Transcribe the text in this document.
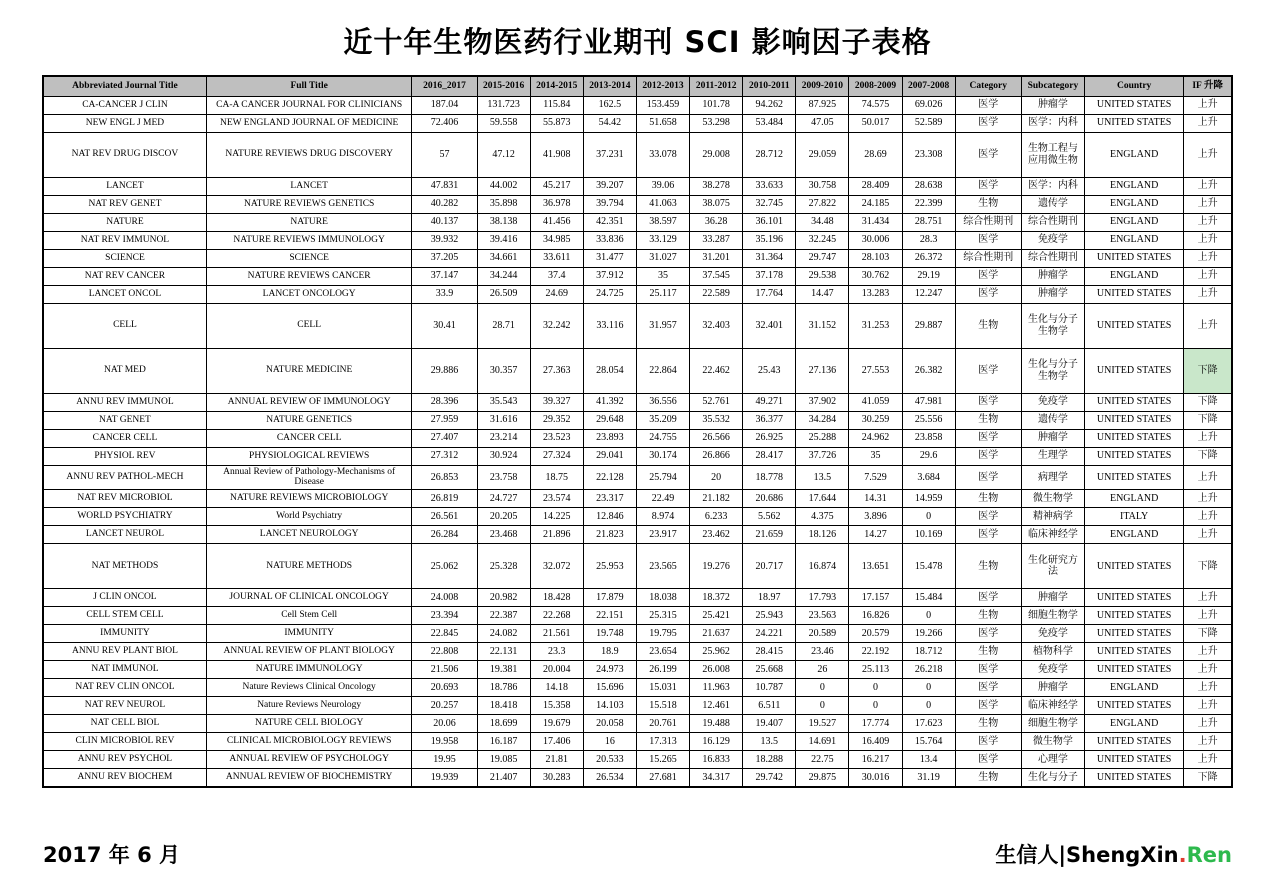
近十年生物医药行业期刊 SCI 影响因子表格
Abbreviated Journal Title	Full Title	2016_2017	2015-2016	2014-2015	2013-2014	2012-2013	2011-2012	2010-2011	2009-2010	2008-2009	2007-2008	Category	Subcategory	Country	IF 升降
CA-CANCER J CLIN	CA-A CANCER JOURNAL FOR CLINICIANS	187.04	131.723	115.84	162.5	153.459	101.78	94.262	87.925	74.575	69.026	医学	肿瘤学	UNITED STATES	上升
NEW ENGL J MED	NEW ENGLAND JOURNAL OF MEDICINE	72.406	59.558	55.873	54.42	51.658	53.298	53.484	47.05	50.017	52.589	医学	医学：内科	UNITED STATES	上升
NAT REV DRUG DISCOV	NATURE REVIEWS DRUG DISCOVERY	57	47.12	41.908	37.231	33.078	29.008	28.712	29.059	28.69	23.308	医学	生物工程与应用微生物	ENGLAND	上升
LANCET	LANCET	47.831	44.002	45.217	39.207	39.06	38.278	33.633	30.758	28.409	28.638	医学	医学：内科	ENGLAND	上升
NAT REV GENET	NATURE REVIEWS GENETICS	40.282	35.898	36.978	39.794	41.063	38.075	32.745	27.822	24.185	22.399	生物	遗传学	ENGLAND	上升
NATURE	NATURE	40.137	38.138	41.456	42.351	38.597	36.28	36.101	34.48	31.434	28.751	综合性期刊	综合性期刊	ENGLAND	上升
NAT REV IMMUNOL	NATURE REVIEWS IMMUNOLOGY	39.932	39.416	34.985	33.836	33.129	33.287	35.196	32.245	30.006	28.3	医学	免疫学	ENGLAND	上升
SCIENCE	SCIENCE	37.205	34.661	33.611	31.477	31.027	31.201	31.364	29.747	28.103	26.372	综合性期刊	综合性期刊	UNITED STATES	上升
NAT REV CANCER	NATURE REVIEWS CANCER	37.147	34.244	37.4	37.912	35	37.545	37.178	29.538	30.762	29.19	医学	肿瘤学	ENGLAND	上升
LANCET ONCOL	LANCET ONCOLOGY	33.9	26.509	24.69	24.725	25.117	22.589	17.764	14.47	13.283	12.247	医学	肿瘤学	UNITED STATES	上升
CELL	CELL	30.41	28.71	32.242	33.116	31.957	32.403	32.401	31.152	31.253	29.887	生物	生化与分子生物学	UNITED STATES	上升
NAT MED	NATURE MEDICINE	29.886	30.357	27.363	28.054	22.864	22.462	25.43	27.136	27.553	26.382	医学	生化与分子生物学	UNITED STATES	下降
ANNU REV IMMUNOL	ANNUAL REVIEW OF IMMUNOLOGY	28.396	35.543	39.327	41.392	36.556	52.761	49.271	37.902	41.059	47.981	医学	免疫学	UNITED STATES	下降
NAT GENET	NATURE GENETICS	27.959	31.616	29.352	29.648	35.209	35.532	36.377	34.284	30.259	25.556	生物	遗传学	UNITED STATES	下降
CANCER CELL	CANCER CELL	27.407	23.214	23.523	23.893	24.755	26.566	26.925	25.288	24.962	23.858	医学	肿瘤学	UNITED STATES	上升
PHYSIOL REV	PHYSIOLOGICAL REVIEWS	27.312	30.924	27.324	29.041	30.174	26.866	28.417	37.726	35	29.6	医学	生理学	UNITED STATES	下降
ANNU REV PATHOL-MECH	Annual Review of Pathology-Mechanisms of Disease	26.853	23.758	18.75	22.128	25.794	20	18.778	13.5	7.529	3.684	医学	病理学	UNITED STATES	上升
NAT REV MICROBIOL	NATURE REVIEWS MICROBIOLOGY	26.819	24.727	23.574	23.317	22.49	21.182	20.686	17.644	14.31	14.959	生物	微生物学	ENGLAND	上升
WORLD PSYCHIATRY	World Psychiatry	26.561	20.205	14.225	12.846	8.974	6.233	5.562	4.375	3.896	0	医学	精神病学	ITALY	上升
LANCET NEUROL	LANCET NEUROLOGY	26.284	23.468	21.896	21.823	23.917	23.462	21.659	18.126	14.27	10.169	医学	临床神经学	ENGLAND	上升
NAT METHODS	NATURE METHODS	25.062	25.328	32.072	25.953	23.565	19.276	20.717	16.874	13.651	15.478	生物	生化研究方法	UNITED STATES	下降
J CLIN ONCOL	JOURNAL OF CLINICAL ONCOLOGY	24.008	20.982	18.428	17.879	18.038	18.372	18.97	17.793	17.157	15.484	医学	肿瘤学	UNITED STATES	上升
CELL STEM CELL	Cell Stem Cell	23.394	22.387	22.268	22.151	25.315	25.421	25.943	23.563	16.826	0	生物	细胞生物学	UNITED STATES	上升
IMMUNITY	IMMUNITY	22.845	24.082	21.561	19.748	19.795	21.637	24.221	20.589	20.579	19.266	医学	免疫学	UNITED STATES	下降
ANNU REV PLANT BIOL	ANNUAL REVIEW OF PLANT BIOLOGY	22.808	22.131	23.3	18.9	23.654	25.962	28.415	23.46	22.192	18.712	生物	植物科学	UNITED STATES	上升
NAT IMMUNOL	NATURE IMMUNOLOGY	21.506	19.381	20.004	24.973	26.199	26.008	25.668	26	25.113	26.218	医学	免疫学	UNITED STATES	上升
NAT REV CLIN ONCOL	Nature Reviews Clinical Oncology	20.693	18.786	14.18	15.696	15.031	11.963	10.787	0	0	0	医学	肿瘤学	ENGLAND	上升
NAT REV NEUROL	Nature Reviews Neurology	20.257	18.418	15.358	14.103	15.518	12.461	6.511	0	0	0	医学	临床神经学	UNITED STATES	上升
NAT CELL BIOL	NATURE CELL BIOLOGY	20.06	18.699	19.679	20.058	20.761	19.488	19.407	19.527	17.774	17.623	生物	细胞生物学	ENGLAND	上升
CLIN MICROBIOL REV	CLINICAL MICROBIOLOGY REVIEWS	19.958	16.187	17.406	16	17.313	16.129	13.5	14.691	16.409	15.764	医学	微生物学	UNITED STATES	上升
ANNU REV PSYCHOL	ANNUAL REVIEW OF PSYCHOLOGY	19.95	19.085	21.81	20.533	15.265	16.833	18.288	22.75	16.217	13.4	医学	心理学	UNITED STATES	上升
ANNU REV BIOCHEM	ANNUAL REVIEW OF BIOCHEMISTRY	19.939	21.407	30.283	26.534	27.681	34.317	29.742	29.875	30.016	31.19	生物	生化与分子	UNITED STATES	下降
2017 年 6 月	生信人|ShengXin.Ren
